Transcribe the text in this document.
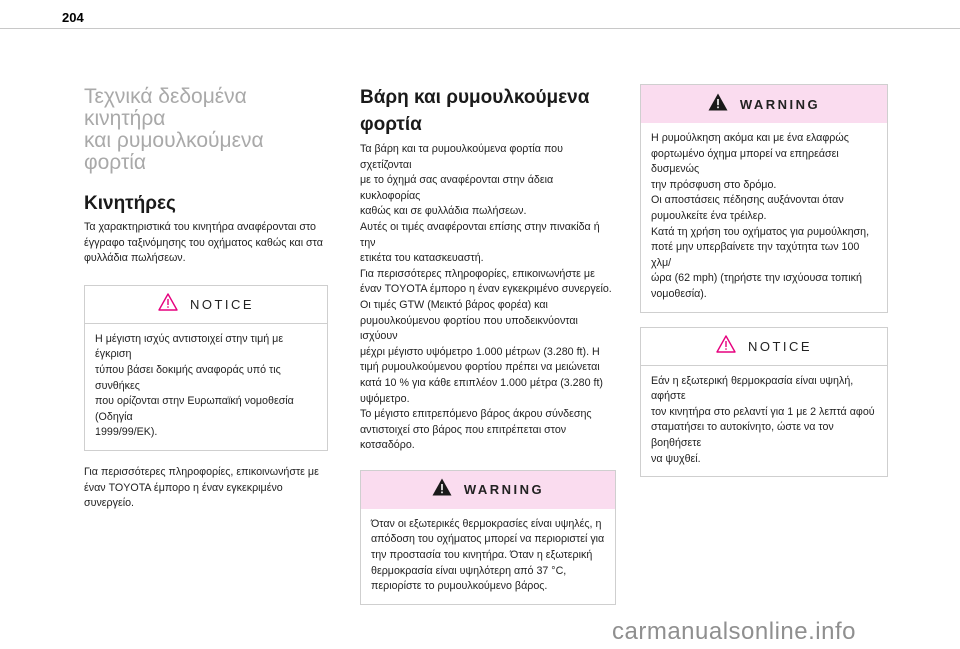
204
Τεχνικά δεδομένα κινητήρα
και ρυμουλκούμενα φορτία
Κινητήρες

Τα χαρακτηριστικά του κινητήρα αναφέρονται στο

έγγραφο ταξινόμησης του οχήματος καθώς και στα

φυλλάδια πωλήσεων.

NOTICE

Η μέγιστη ισχύς αντιστοιχεί στην τιμή με έγκριση

τύπου βάσει δοκιμής αναφοράς υπό τις συνθήκες

που ορίζονται στην Ευρωπαϊκή νομοθεσία (Οδηγία

1999/99/ΕΚ).

Για περισσότερες πληροφορίες, επικοινωνήστε με

έναν TOYOTA έμπορο η έναν εγκεκριμένο συνεργείο.

Βάρη και ρυμουλκούμενα
φορτία

Τα βάρη και τα ρυμουλκούμενα φορτία που σχετίζονται

με το όχημά σας αναφέρονται στην άδεια κυκλοφορίας

καθώς και σε φυλλάδια πωλήσεων.

Αυτές οι τιμές αναφέρονται επίσης στην πινακίδα ή την

ετικέτα του κατασκευαστή.

Για περισσότερες πληροφορίες, επικοινωνήστε με

έναν TOYOTA έμπορο η έναν εγκεκριμένο συνεργείο.

Οι τιμές GTW (Μεικτό βάρος φορέα) και

ρυμουλκούμενου φορτίου που υποδεικνύονται ισχύουν

μέχρι μέγιστο υψόμετρο 1.000 μέτρων (3.280 ft). Η

τιμή ρυμουλκούμενου φορτίου πρέπει να μειώνεται

κατά 10 % για κάθε επιπλέον 1.000 μέτρα (3.280 ft)

υψόμετρο.

Το μέγιστο επιτρεπόμενο βάρος άκρου σύνδεσης

αντιστοιχεί στο βάρος που επιτρέπεται στον

κοτσαδόρο.

WARNING

Όταν οι εξωτερικές θερμοκρασίες είναι υψηλές, η

απόδοση του οχήματος μπορεί να περιοριστεί για

την προστασία του κινητήρα. Όταν η εξωτερική

θερμοκρασία είναι υψηλότερη από 37 °C,

περιορίστε το ρυμουλκούμενο βάρος.

WARNING

Η ρυμούλκηση ακόμα και με ένα ελαφρώς

φορτωμένο όχημα μπορεί να επηρεάσει δυσμενώς

την πρόσφυση στο δρόμο.

Οι αποστάσεις πέδησης αυξάνονται όταν

ρυμουλκείτε ένα τρέιλερ.

Κατά τη χρήση του οχήματος για ρυμούλκηση,

ποτέ μην υπερβαίνετε την ταχύτητα των 100 χλμ/

ώρα (62 mph) (τηρήστε την ισχύουσα τοπική

νομοθεσία).

NOTICE

Εάν η εξωτερική θερμοκρασία είναι υψηλή, αφήστε

τον κινητήρα στο ρελαντί για 1 με 2 λεπτά αφού

σταματήσει το αυτοκίνητο, ώστε να τον βοηθήσετε

να ψυχθεί.

carmanualsonline.info
